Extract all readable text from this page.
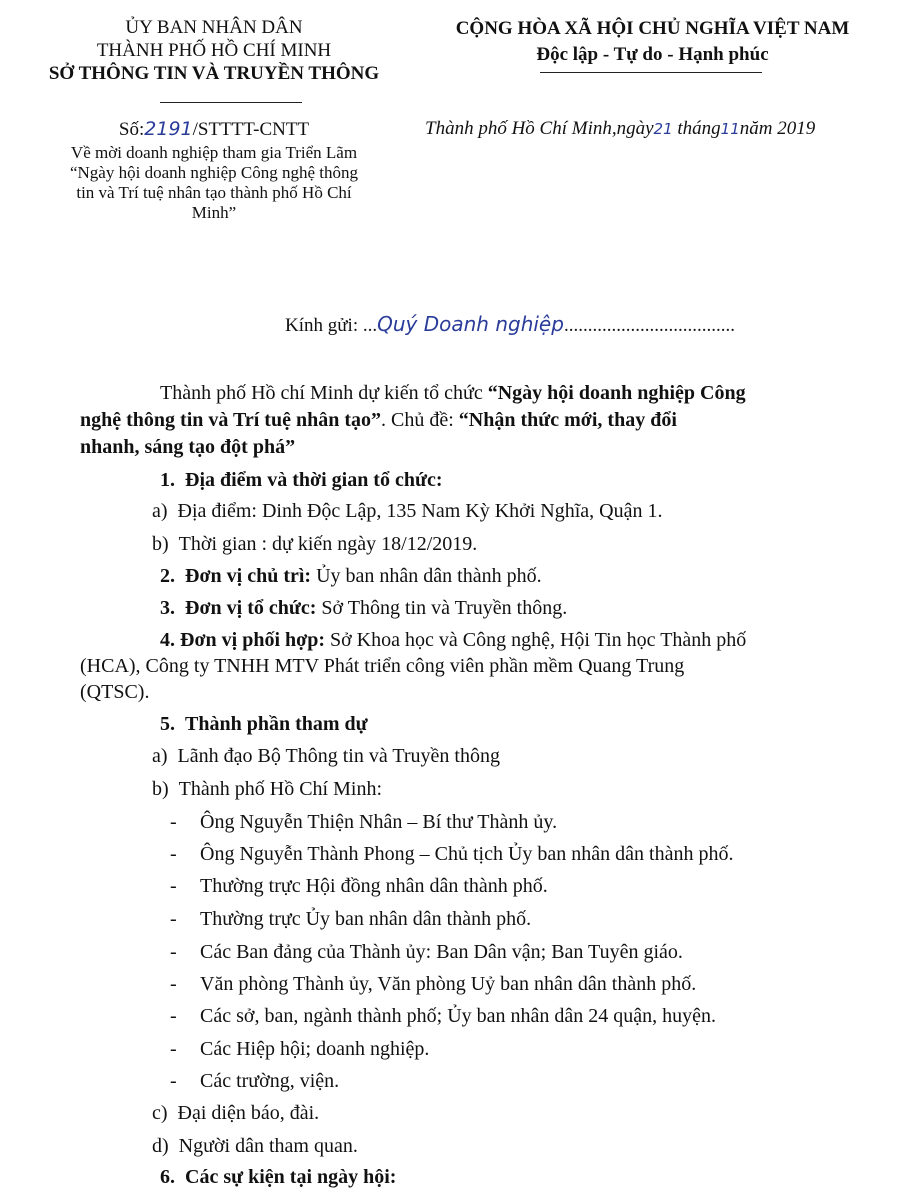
ỦY BAN NHÂN DÂN
THÀNH PHỐ HỒ CHÍ MINH
SỞ THÔNG TIN VÀ TRUYỀN THÔNG
CỘNG HÒA XÃ HỘI CHỦ NGHĨA VIỆT NAM
Độc lập - Tự do - Hạnh phúc
Số:2191/STTTT-CNTT	Thành phố Hồ Chí Minh,ngày21 tháng11năm 2019
Về mời doanh nghiệp tham gia Triển Lãm
“Ngày hội doanh nghiệp Công nghệ thông
tin và Trí tuệ nhân tạo thành phố Hồ Chí
Minh”
Kính gửi: ...Quý Doanh nghiệp....................................
Thành phố Hồ chí Minh dự kiến tổ chức “Ngày hội doanh nghiệp Công
nghệ thông tin và Trí tuệ nhân tạo”. Chủ đề: “Nhận thức mới, thay đổi
nhanh, sáng tạo đột phá”
1. Địa điểm và thời gian tổ chức:
a) Địa điểm: Dinh Độc Lập, 135 Nam Kỳ Khởi Nghĩa, Quận 1.
b) Thời gian : dự kiến ngày 18/12/2019.
2. Đơn vị chủ trì: Ủy ban nhân dân thành phố.
3. Đơn vị tổ chức: Sở Thông tin và Truyền thông.
4. Đơn vị phối hợp: Sở Khoa học và Công nghệ, Hội Tin học Thành phố
(HCA), Công ty TNHH MTV Phát triển công viên phần mềm Quang Trung
(QTSC).
5. Thành phần tham dự
a) Lãnh đạo Bộ Thông tin và Truyền thông
b) Thành phố Hồ Chí Minh:
- Ông Nguyễn Thiện Nhân – Bí thư Thành ủy.
- Ông Nguyễn Thành Phong – Chủ tịch Ủy ban nhân dân thành phố.
- Thường trực Hội đồng nhân dân thành phố.
- Thường trực Ủy ban nhân dân thành phố.
- Các Ban đảng của Thành ủy: Ban Dân vận; Ban Tuyên giáo.
- Văn phòng Thành ủy, Văn phòng Uỷ ban nhân dân thành phố.
- Các sở, ban, ngành thành phố; Ủy ban nhân dân 24 quận, huyện.
- Các Hiệp hội; doanh nghiệp.
- Các trường, viện.
c) Đại diện báo, đài.
d) Người dân tham quan.
6. Các sự kiện tại ngày hội:
